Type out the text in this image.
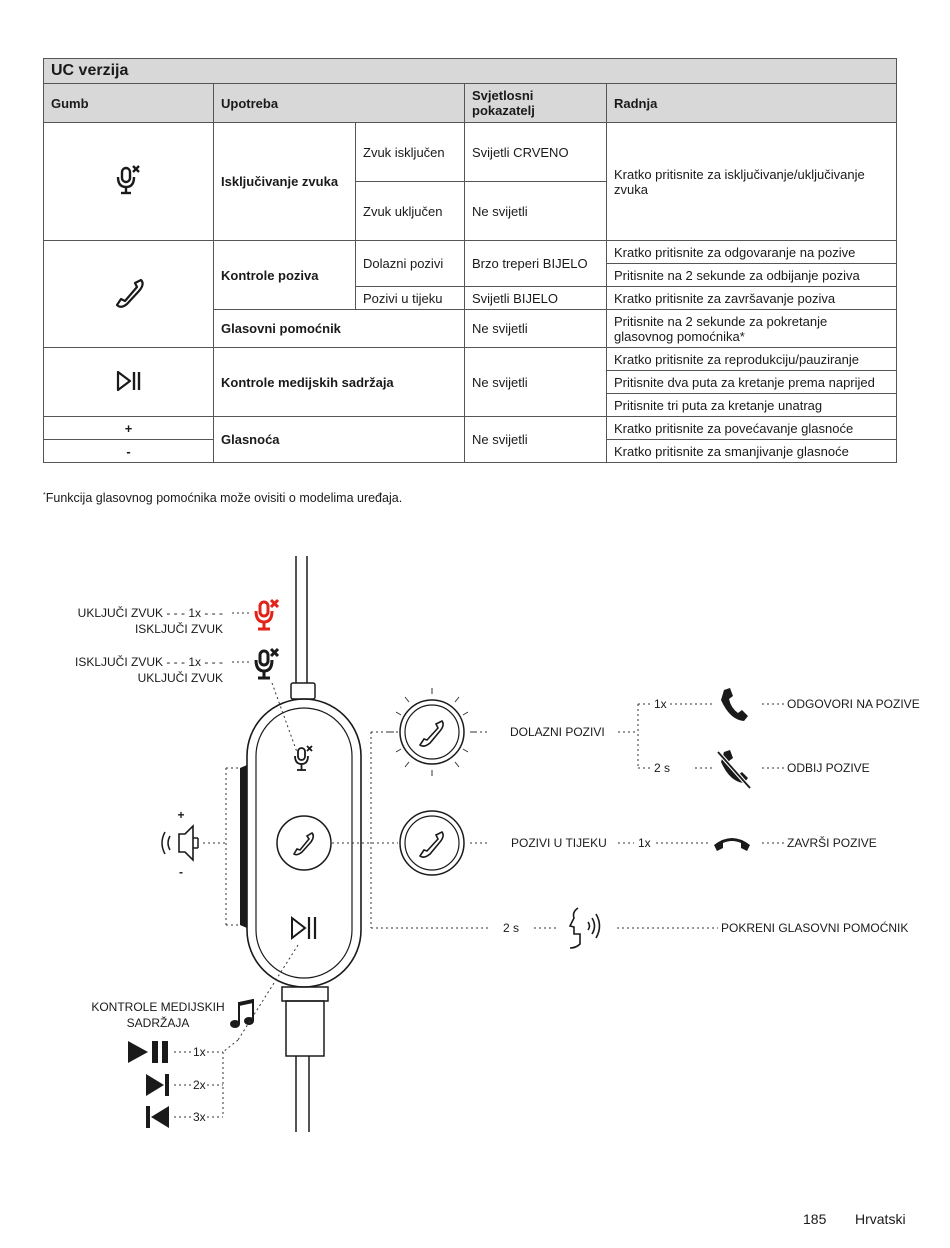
UC verzija				
Gumb	Upotreba		Svjetlosni pokazatelj	Radnja
	Isključivanje zvuka	Zvuk isključen	Svijetli CRVENO	Kratko pritisnite za isključivanje/uključivanje zvuka
		Zvuk uključen	Ne svijetli	
	Kontrole poziva	Dolazni pozivi	Brzo treperi BIJELO	Kratko pritisnite za odgovaranje na pozive
				Pritisnite na 2 sekunde za odbijanje poziva
		Pozivi u tijeku	Svijetli BIJELO	Kratko pritisnite za završavanje poziva
	Glasovni pomoćnik		Ne svijetli	Pritisnite na 2 sekunde za pokretanje glasovnog pomoćnika*
	Kontrole medijskih sadržaja		Ne svijetli	Kratko pritisnite za reprodukciju/pauziranje
				Pritisnite dva puta za kretanje prema naprijed
				Pritisnite tri puta za kretanje unatrag
+	Glasnoća		Ne svijetli	Kratko pritisnite za povećavanje glasnoće
-				Kratko pritisnite za smanjivanje glasnoće
*Funkcija glasovnog pomoćnika može ovisiti o modelima uređaja.
UKLJUČI ZVUK - - - 1x - - -
ISKLJUČI ZVUK
ISKLJUČI ZVUK - - - 1x - - -
UKLJUČI ZVUK
DOLAZNI POZIVI
1x	ODGOVORI NA POZIVE
2 s	ODBIJ POZIVE
POZIVI U TIJEKU	1x	ZAVRŠI POZIVE
2 s	POKRENI GLASOVNI POMOĆNIK
+
-
KONTROLE MEDIJSKIH
SADRŽAJA
1x
2x
3x
185 Hrvatski
